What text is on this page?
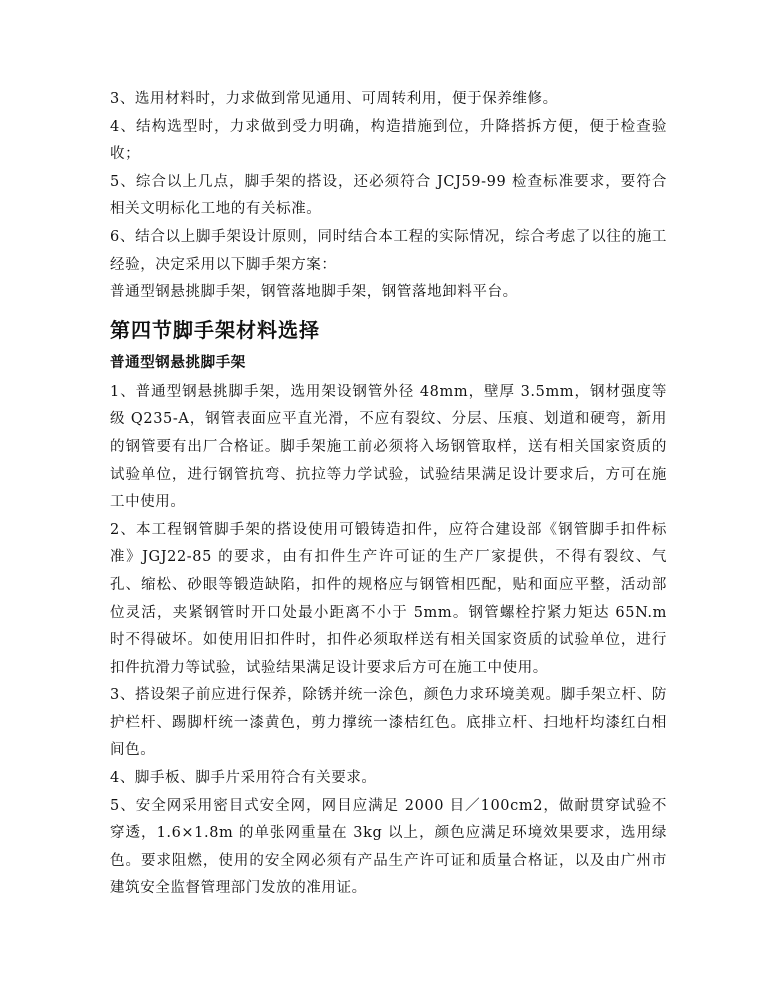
3、选用材料时，力求做到常见通用、可周转利用，便于保养维修。

4、结构选型时，力求做到受力明确，构造措施到位，升降搭拆方便，便于检查验收；

5、综合以上几点，脚手架的搭设，还必须符合 JCJ59-99 检查标准要求，要符合相关文明标化工地的有关标准。

6、结合以上脚手架设计原则，同时结合本工程的实际情况，综合考虑了以往的施工经验，决定采用以下脚手架方案：

普通型钢悬挑脚手架，钢管落地脚手架，钢管落地卸料平台。

第四节脚手架材料选择
普通型钢悬挑脚手架

1、普通型钢悬挑脚手架，选用架设钢管外径 48mm，壁厚 3.5mm，钢材强度等级 Q235-A，钢管表面应平直光滑，不应有裂纹、分层、压痕、划道和硬弯，新用的钢管要有出厂合格证。脚手架施工前必须将入场钢管取样，送有相关国家资质的试验单位，进行钢管抗弯、抗拉等力学试验，试验结果满足设计要求后，方可在施工中使用。

2、本工程钢管脚手架的搭设使用可锻铸造扣件，应符合建设部《钢管脚手扣件标准》JGJ22-85 的要求，由有扣件生产许可证的生产厂家提供，不得有裂纹、气孔、缩松、砂眼等锻造缺陷，扣件的规格应与钢管相匹配，贴和面应平整，活动部位灵活，夹紧钢管时开口处最小距离不小于 5mm。钢管螺栓拧紧力矩达 65N.m 时不得破坏。如使用旧扣件时，扣件必须取样送有相关国家资质的试验单位，进行扣件抗滑力等试验，试验结果满足设计要求后方可在施工中使用。

3、搭设架子前应进行保养，除锈并统一涂色，颜色力求环境美观。脚手架立杆、防护栏杆、踢脚杆统一漆黄色，剪力撑统一漆桔红色。底排立杆、扫地杆均漆红白相间色。

4、脚手板、脚手片采用符合有关要求。

5、安全网采用密目式安全网，网目应满足 2000 目／100cm2，做耐贯穿试验不穿透，1.6×1.8m 的单张网重量在 3kg 以上，颜色应满足环境效果要求，选用绿色。要求阻燃，使用的安全网必须有产品生产许可证和质量合格证，以及由广州市建筑安全监督管理部门发放的准用证。
